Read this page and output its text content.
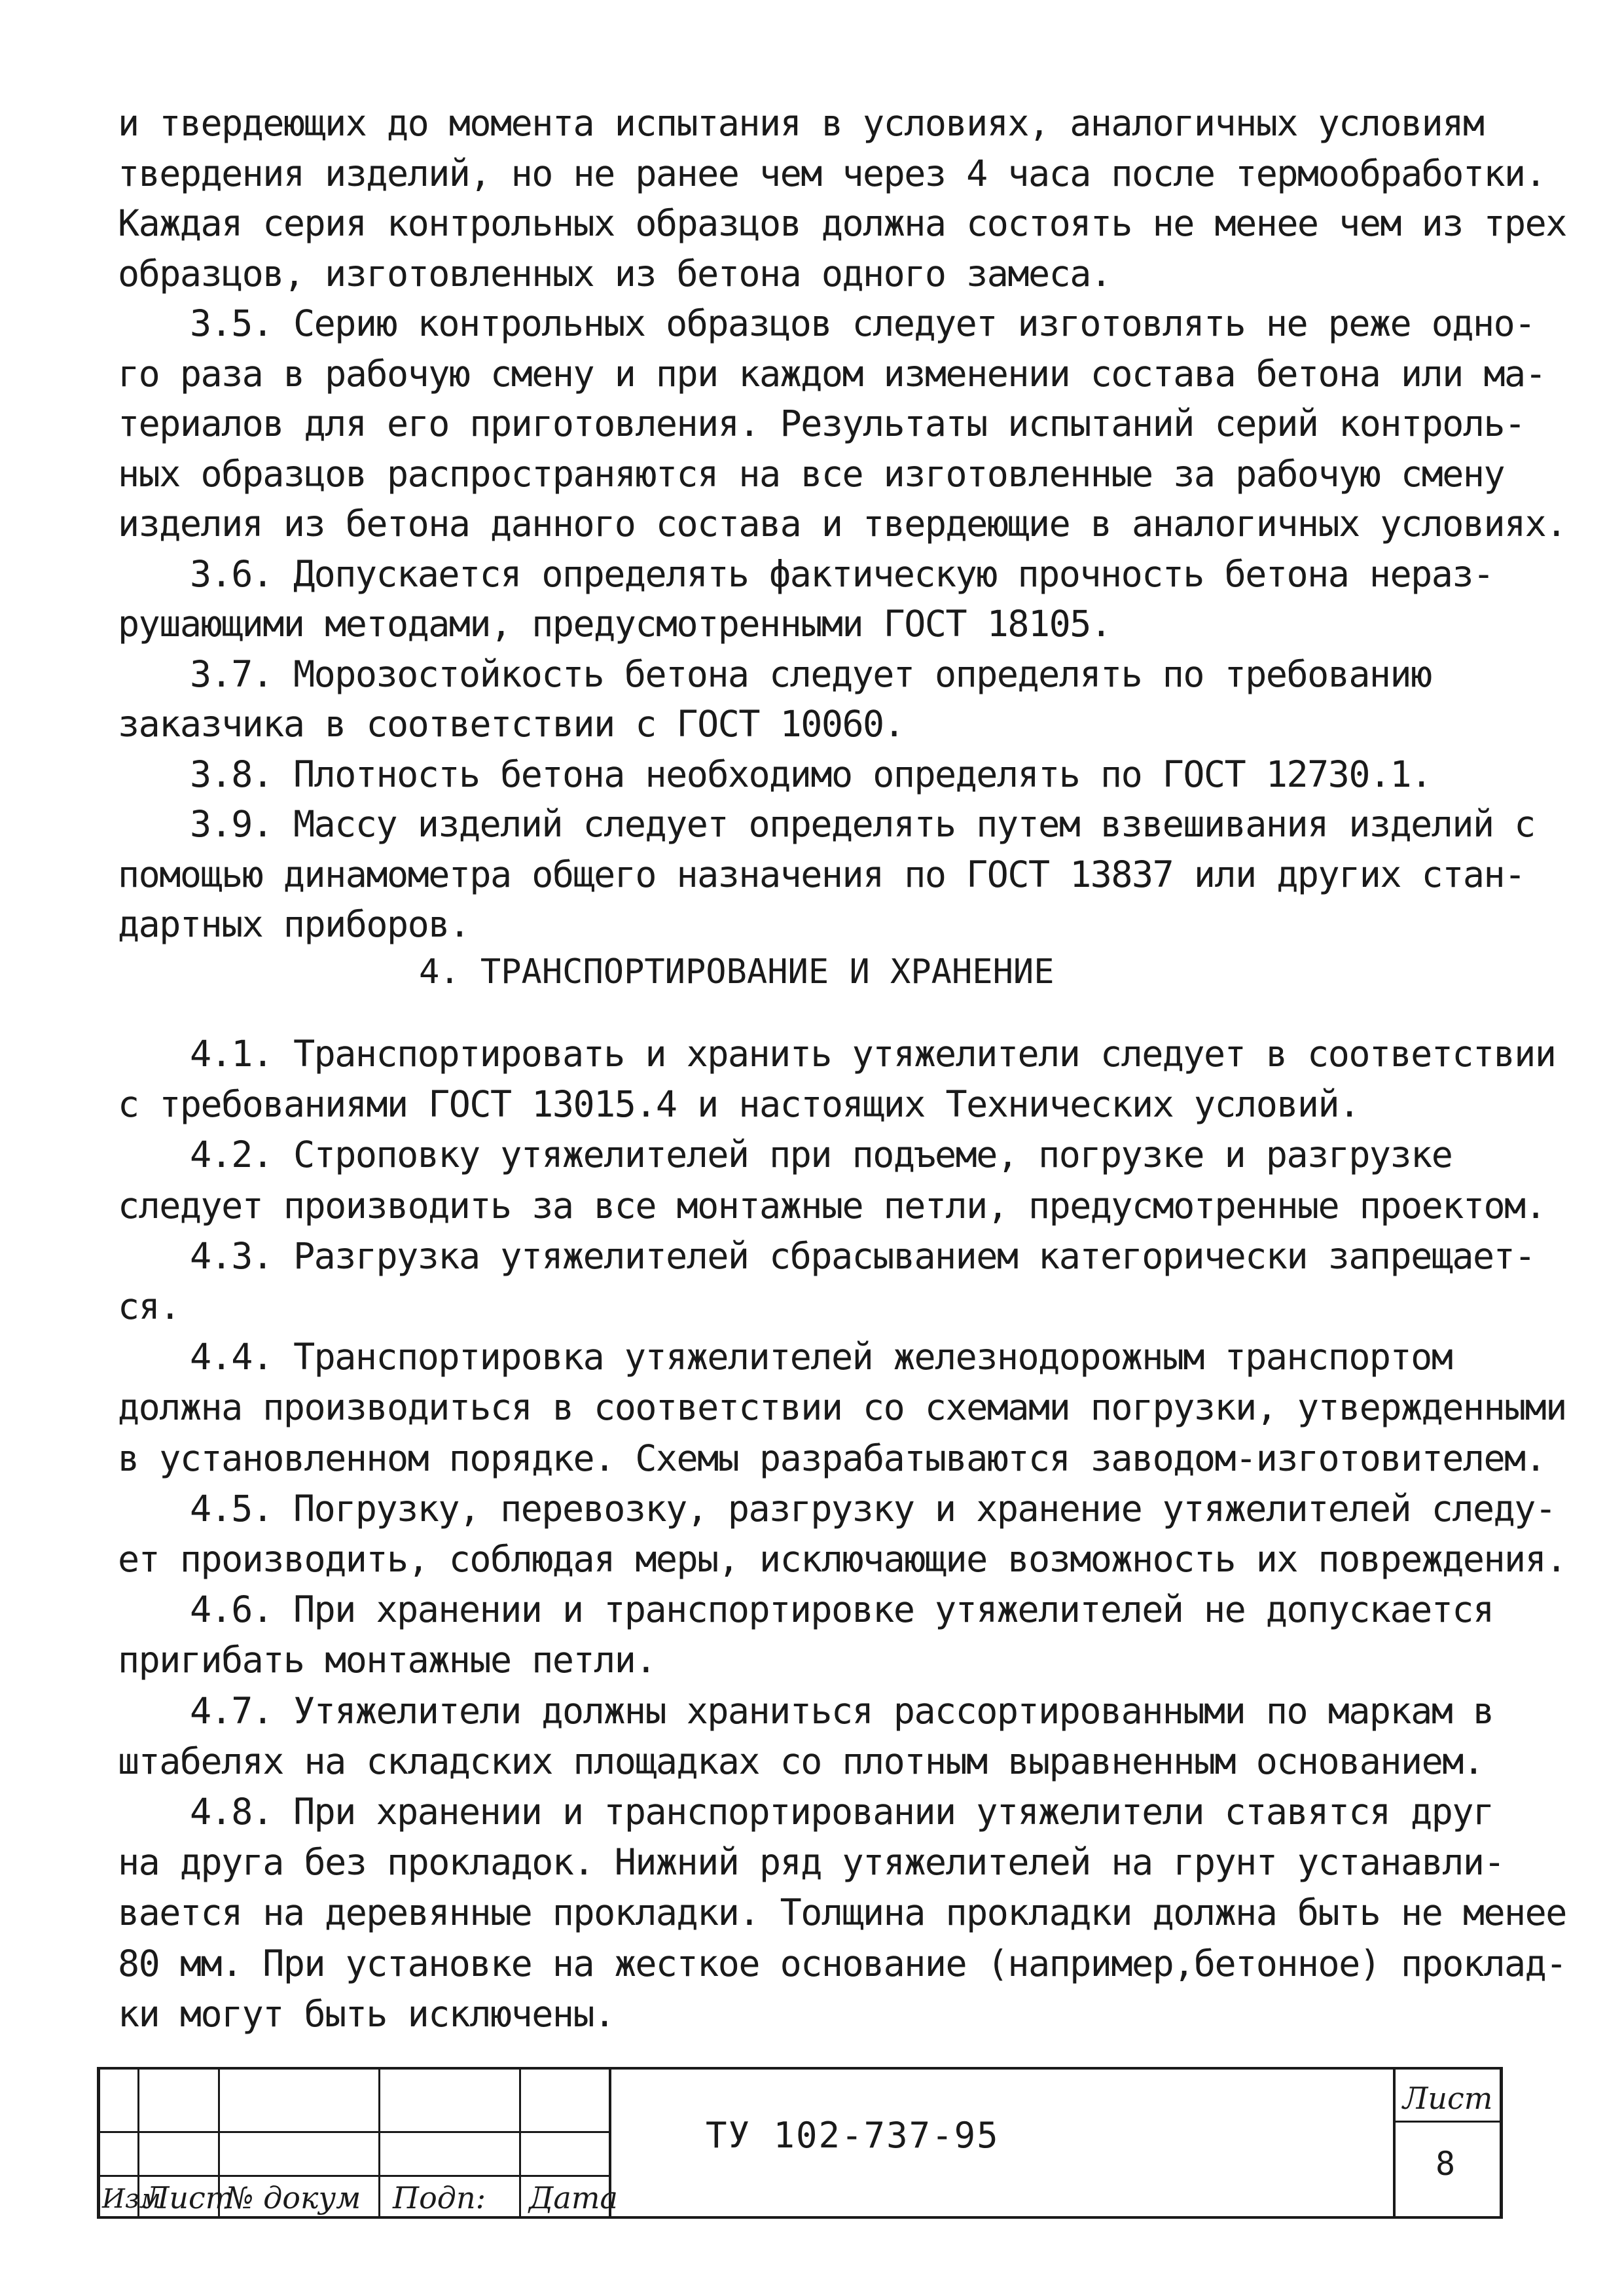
и твердеющих до момента испытания в условиях, аналогичных условиям
твердения изделий, но не ранее чем через 4 часа после термообработки.
Каждая серия контрольных образцов должна состоять не менее чем из трех
образцов, изготовленных из бетона одного замеса.
3.5. Серию контрольных образцов следует изготовлять не реже одно-
го раза в рабочую смену и при каждом изменении состава бетона или ма-
териалов для его приготовления. Результаты испытаний серий контроль-
ных образцов распространяются на все изготовленные за рабочую смену
изделия из бетона данного состава и твердеющие в аналогичных условиях.
3.6. Допускается определять фактическую прочность бетона нераз-
рушающими методами, предусмотренными ГОСТ 18105.
3.7. Морозостойкость бетона следует определять по требованию
заказчика в соответствии с ГОСТ 10060.
3.8. Плотность бетона необходимо определять по ГОСТ 12730.1.
3.9. Массу изделий следует определять путем взвешивания изделий с
помощью динамометра общего назначения по ГОСТ 13837 или других стан-
дартных приборов.
4. ТРАНСПОРТИРОВАНИЕ И ХРАНЕНИЕ
4.1. Транспортировать и хранить утяжелители следует в соответствии
с требованиями ГОСТ 13015.4 и настоящих Технических условий.
4.2. Строповку утяжелителей при подъеме, погрузке и разгрузке
следует производить за все монтажные петли, предусмотренные проектом.
4.3. Разгрузка утяжелителей сбрасыванием категорически запрещает-
ся.
4.4. Транспортировка утяжелителей железнодорожным транспортом
должна производиться в соответствии со схемами погрузки, утвержденными
в установленном порядке. Схемы разрабатываются заводом-изготовителем.
4.5. Погрузку, перевозку, разгрузку и хранение утяжелителей следу-
ет производить, соблюдая меры, исключающие возможность их повреждения.
4.6. При хранении и транспортировке утяжелителей не допускается
пригибать монтажные петли.
4.7. Утяжелители должны храниться рассортированными по маркам в
штабелях на складских площадках со плотным выравненным основанием.
4.8. При хранении и транспортировании утяжелители ставятся друг
на друга без прокладок. Нижний ряд утяжелителей на грунт устанавли-
вается на деревянные прокладки. Толщина прокладки должна быть не менее
80 мм. При установке на жесткое основание (например,бетонное) проклад-
ки могут быть исключены.
Изм
Лист
№ докум Подп: Дата
ТУ 102-737-95
Лист
8
